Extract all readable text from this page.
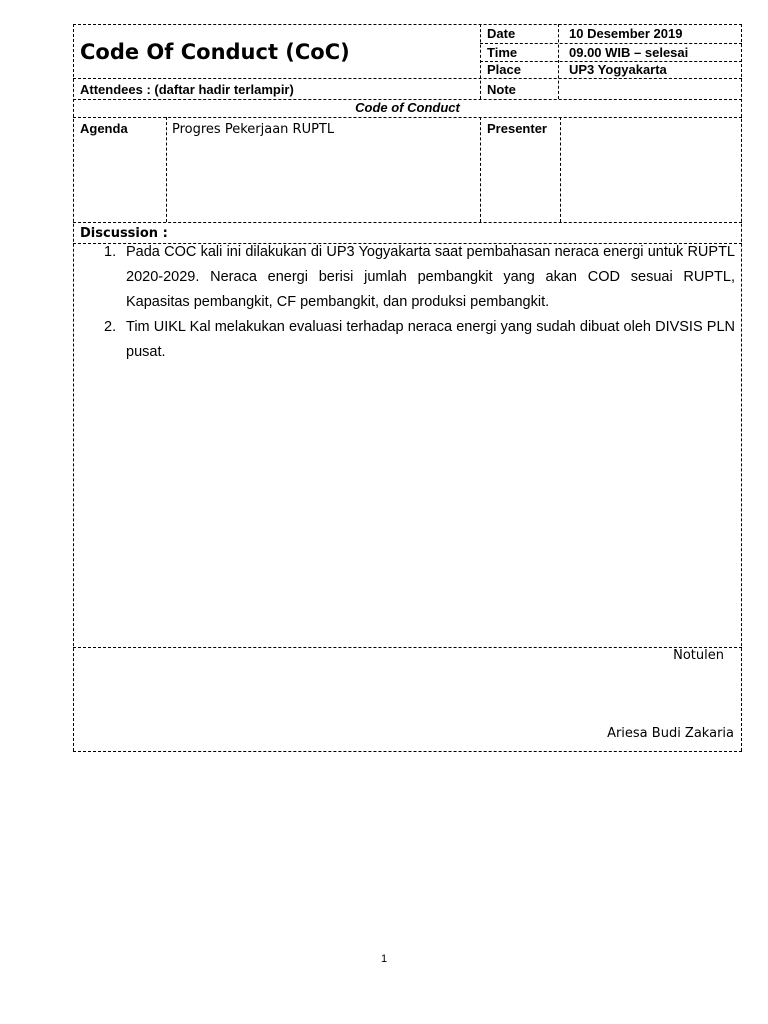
Code Of Conduct (CoC)
Date	10 Desember 2019
Time	09.00 WIB – selesai
Place	UP3 Yogyakarta
Attendees : (daftar hadir terlampir)	Note
Code of Conduct
Agenda	Progres Pekerjaan RUPTL	Presenter
Discussion :
1. Pada COC kali ini dilakukan di UP3 Yogyakarta saat pembahasan neraca energi untuk RUPTL 2020-2029. Neraca energi berisi jumlah pembangkit yang akan COD sesuai RUPTL, Kapasitas pembangkit, CF pembangkit, dan produksi pembangkit.
2. Tim UIKL Kal melakukan evaluasi terhadap neraca energi yang sudah dibuat oleh DIVSIS PLN pusat.
Notulen
Ariesa Budi Zakaria
1
